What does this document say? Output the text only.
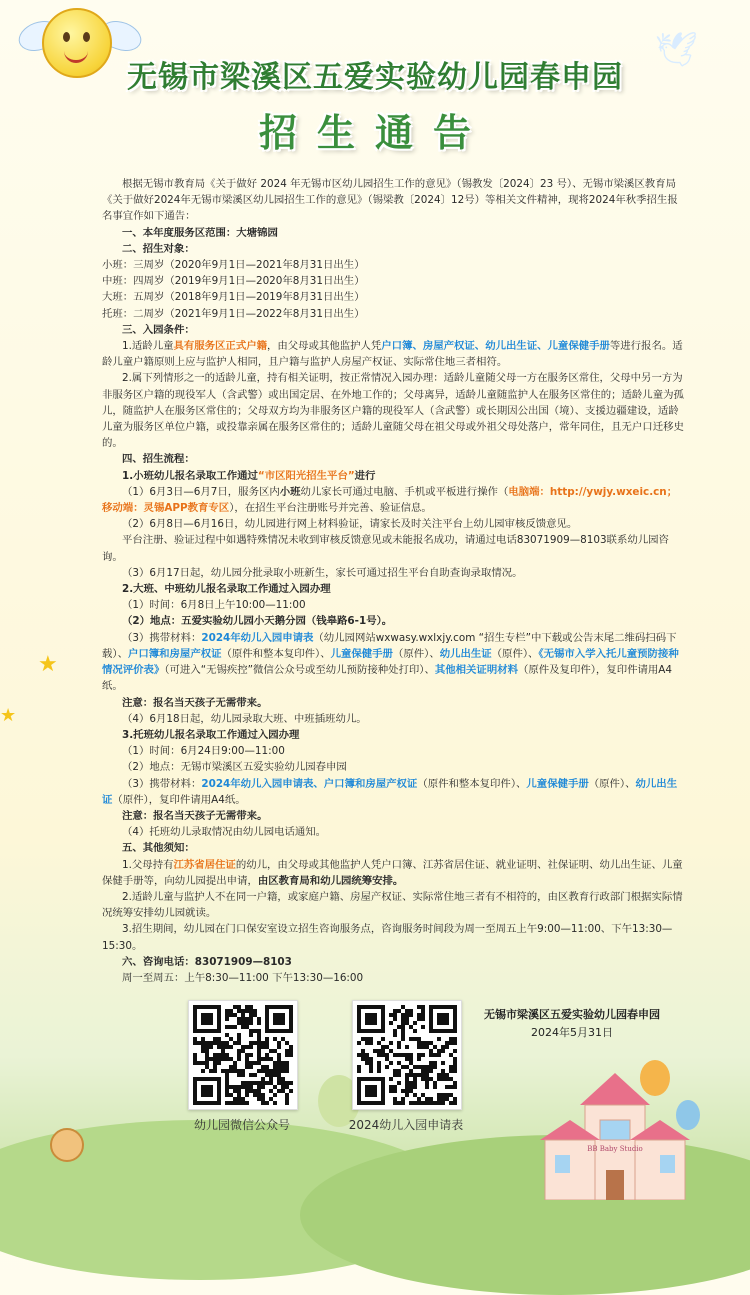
🕊
★
★
无锡市梁溪区五爱实验幼儿园春申园
招生通告

根据无锡市教育局《关于做好 2024 年无锡市区幼儿园招生工作的意见》（锡教发〔2024〕23 号）、无锡市梁溪区教育局《关于做好2024年无锡市梁溪区幼儿园招生工作的意见》（锡梁教〔2024〕12号）等相关文件精神，现将2024年秋季招生报名事宜作如下通告：

一、本年度服务区范围：大塘锦园

二、招生对象：

小班：三周岁（2020年9月1日—2021年8月31日出生）

中班：四周岁（2019年9月1日—2020年8月31日出生）

大班：五周岁（2018年9月1日—2019年8月31日出生）

托班：二周岁（2021年9月1日—2022年8月31日出生）

三、入园条件：

1.适龄儿童具有服务区正式户籍，由父母或其他监护人凭户口簿、房屋产权证、幼儿出生证、儿童保健手册等进行报名。适龄儿童户籍原则上应与监护人相同，且户籍与监护人房屋产权证、实际常住地三者相符。

2.属下列情形之一的适龄儿童，持有相关证明，按正常情况入园办理：适龄儿童随父母一方在服务区常住，父母中另一方为非服务区户籍的现役军人（含武警）或出国定居、在外地工作的；父母离异，适龄儿童随监护人在服务区常住的；适龄儿童为孤儿，随监护人在服务区常住的；父母双方均为非服务区户籍的现役军人（含武警）或长期因公出国（境）、支援边疆建设，适龄儿童为服务区单位户籍，或投靠亲属在服务区常住的；适龄儿童随父母在祖父母或外祖父母处落户，常年同住，且无户口迁移史的。

四、招生流程：

1.小班幼儿报名录取工作通过“市区阳光招生平台”进行

（1）6月3日—6月7日，服务区内小班幼儿家长可通过电脑、手机或平板进行操作（电脑端：http://ywjy.wxeic.cn；移动端：灵锡APP教育专区），在招生平台注册账号并完善、验证信息。

（2）6月8日—6月16日，幼儿园进行网上材料验证，请家长及时关注平台上幼儿园审核反馈意见。

平台注册、验证过程中如遇特殊情况未收到审核反馈意见或未能报名成功，请通过电话83071909—8103联系幼儿园咨询。

（3）6月17日起，幼儿园分批录取小班新生，家长可通过招生平台自助查询录取情况。

2.大班、中班幼儿报名录取工作通过入园办理

（1）时间：6月8日上午10:00—11:00

（2）地点：五爱实验幼儿园小天鹅分园（钱皋路6-1号）。

（3）携带材料：2024年幼儿入园申请表（幼儿园网站wxwasy.wxlxjy.com “招生专栏”中下载或公告末尾二维码扫码下载）、户口簿和房屋产权证（原件和整本复印件）、儿童保健手册（原件）、幼儿出生证（原件）、《无锡市入学入托儿童预防接种情况评价表》（可进入“无锡疾控”微信公众号或至幼儿预防接种处打印）、其他相关证明材料（原件及复印件），复印件请用A4纸。

注意：报名当天孩子无需带来。

（4）6月18日起，幼儿园录取大班、中班插班幼儿。

3.托班幼儿报名录取工作通过入园办理

（1）时间：6月24日9:00—11:00

（2）地点：无锡市梁溪区五爱实验幼儿园春申园

（3）携带材料：2024年幼儿入园申请表、户口簿和房屋产权证（原件和整本复印件）、儿童保健手册（原件）、幼儿出生证（原件），复印件请用A4纸。

注意：报名当天孩子无需带来。

（4）托班幼儿录取情况由幼儿园电话通知。

五、其他须知：

1.父母持有江苏省居住证的幼儿，由父母或其他监护人凭户口簿、江苏省居住证、就业证明、社保证明、幼儿出生证、儿童保健手册等，向幼儿园提出申请，由区教育局和幼儿园统筹安排。

2.适龄儿童与监护人不在同一户籍，或家庭户籍、房屋产权证、实际常住地三者有不相符的，由区教育行政部门根据实际情况统筹安排幼儿园就读。

3.招生期间，幼儿园在门口保安室设立招生咨询服务点，咨询服务时间段为周一至周五上午9:00—11:00、下午13:30—15:30。

六、咨询电话：83071909—8103

周一至周五：上午8:30—11:00 下午13:30—16:00

BB Baby Studio
幼儿园微信公众号	2024幼儿入园申请表
无锡市梁溪区五爱实验幼儿园春申园
2024年5月31日
